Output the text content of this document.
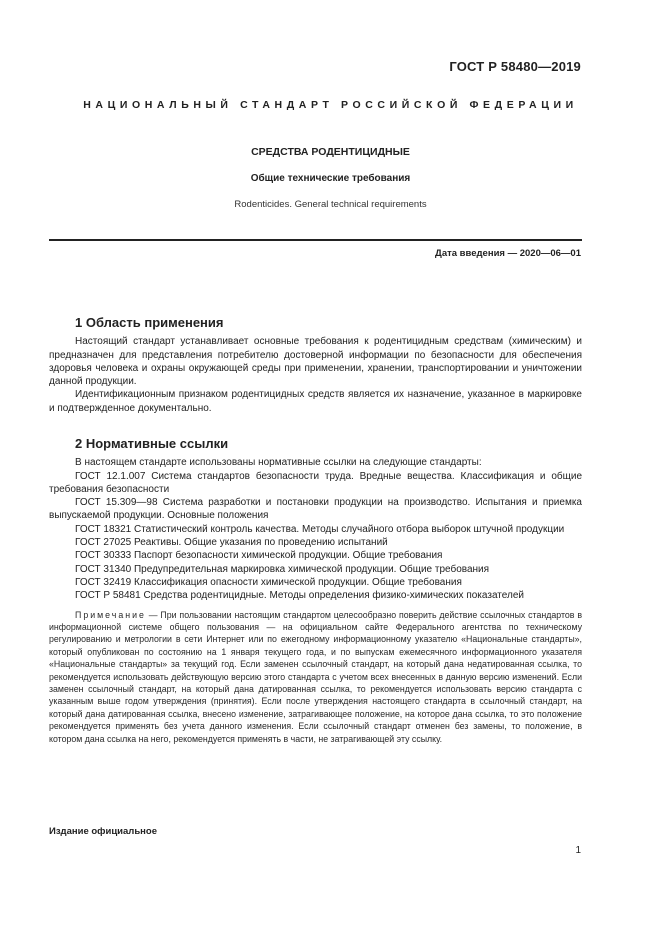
ГОСТ Р 58480—2019
НАЦИОНАЛЬНЫЙ СТАНДАРТ РОССИЙСКОЙ ФЕДЕРАЦИИ
СРЕДСТВА РОДЕНТИЦИДНЫЕ
Общие технические требования
Rodenticides. General technical requirements
Дата введения — 2020—06—01
1 Область применения

Настоящий стандарт устанавливает основные требования к родентицидным средствам (химическим) и предназначен для представления потребителю достоверной информации по безопасности для обеспечения здоровья человека и охраны окружающей среды при применении, хранении, транспортировании и уничтожении данной продукции.

Идентификационным признаком родентицидных средств является их назначение, указанное в маркировке и подтвержденное документально.

2 Нормативные ссылки

В настоящем стандарте использованы нормативные ссылки на следующие стандарты:

ГОСТ 12.1.007 Система стандартов безопасности труда. Вредные вещества. Классификация и общие требования безопасности

ГОСТ 15.309—98 Система разработки и постановки продукции на производство. Испытания и приемка выпускаемой продукции. Основные положения

ГОСТ 18321 Статистический контроль качества. Методы случайного отбора выборок штучной продукции

ГОСТ 27025 Реактивы. Общие указания по проведению испытаний

ГОСТ 30333 Паспорт безопасности химической продукции. Общие требования

ГОСТ 31340 Предупредительная маркировка химической продукции. Общие требования

ГОСТ 32419 Классификация опасности химической продукции. Общие требования

ГОСТ Р 58481 Средства родентицидные. Методы определения физико-химических показателей

Примечание — При пользовании настоящим стандартом целесообразно поверить действие ссылочных стандартов в информационной системе общего пользования — на официальном сайте Федерального агентства по техническому регулированию и метрологии в сети Интернет или по ежегодному информационному указателю «Национальные стандарты», который опубликован по состоянию на 1 января текущего года, и по выпускам ежемесячного информационного указателя «Национальные стандарты» за текущий год. Если заменен ссылочный стандарт, на который дана недатированная ссылка, то рекомендуется использовать действующую версию этого стандарта с учетом всех внесенных в данную версию изменений. Если заменен ссылочный стандарт, на который дана датированная ссылка, то рекомендуется использовать версию стандарта с указанным выше годом утверждения (принятия). Если после утверждения настоящего стандарта в ссылочный стандарт, на который дана датированная ссылка, внесено изменение, затрагивающее положение, на которое дана ссылка, то это положение рекомендуется применять без учета данного изменения. Если ссылочный стандарт отменен без замены, то положение, в котором дана ссылка на него, рекомендуется применять в части, не затрагивающей эту ссылку.

Издание официальное
1
